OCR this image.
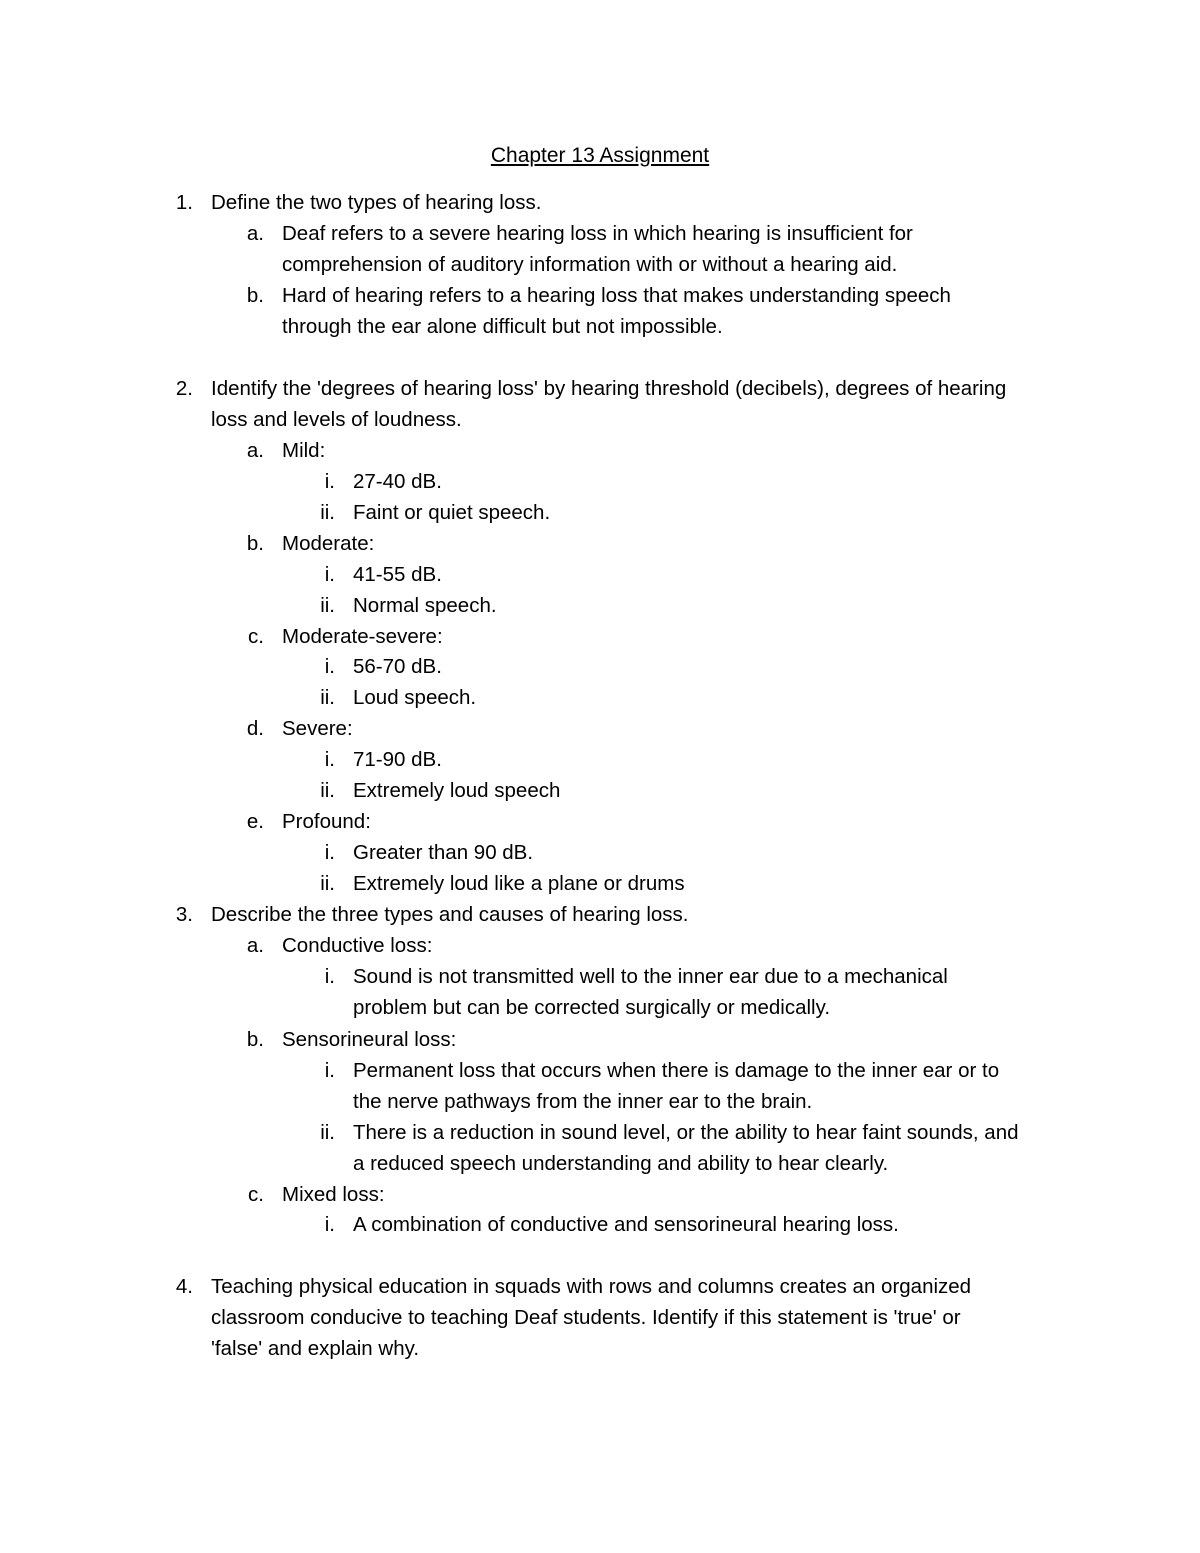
Chapter 13 Assignment
1. Define the two types of hearing loss.
a. Deaf refers to a severe hearing loss in which hearing is insufficient for
comprehension of auditory information with or without a hearing aid.
b. Hard of hearing refers to a hearing loss that makes understanding speech
through the ear alone difficult but not impossible.
2. Identify the 'degrees of hearing loss' by hearing threshold (decibels), degrees of hearing
loss and levels of loudness.
a. Mild:
i. 27-40 dB.
ii. Faint or quiet speech.
b. Moderate:
i. 41-55 dB.
ii. Normal speech.
c. Moderate-severe:
i. 56-70 dB.
ii. Loud speech.
d. Severe:
i. 71-90 dB.
ii. Extremely loud speech
e. Profound:
i. Greater than 90 dB.
ii. Extremely loud like a plane or drums
3. Describe the three types and causes of hearing loss.
a. Conductive loss:
i. Sound is not transmitted well to the inner ear due to a mechanical
problem but can be corrected surgically or medically.
b. Sensorineural loss:
i. Permanent loss that occurs when there is damage to the inner ear or to
the nerve pathways from the inner ear to the brain.
ii. There is a reduction in sound level, or the ability to hear faint sounds, and
a reduced speech understanding and ability to hear clearly.
c. Mixed loss:
i. A combination of conductive and sensorineural hearing loss.
4. Teaching physical education in squads with rows and columns creates an organized
classroom conducive to teaching Deaf students. Identify if this statement is 'true' or
'false' and explain why.
